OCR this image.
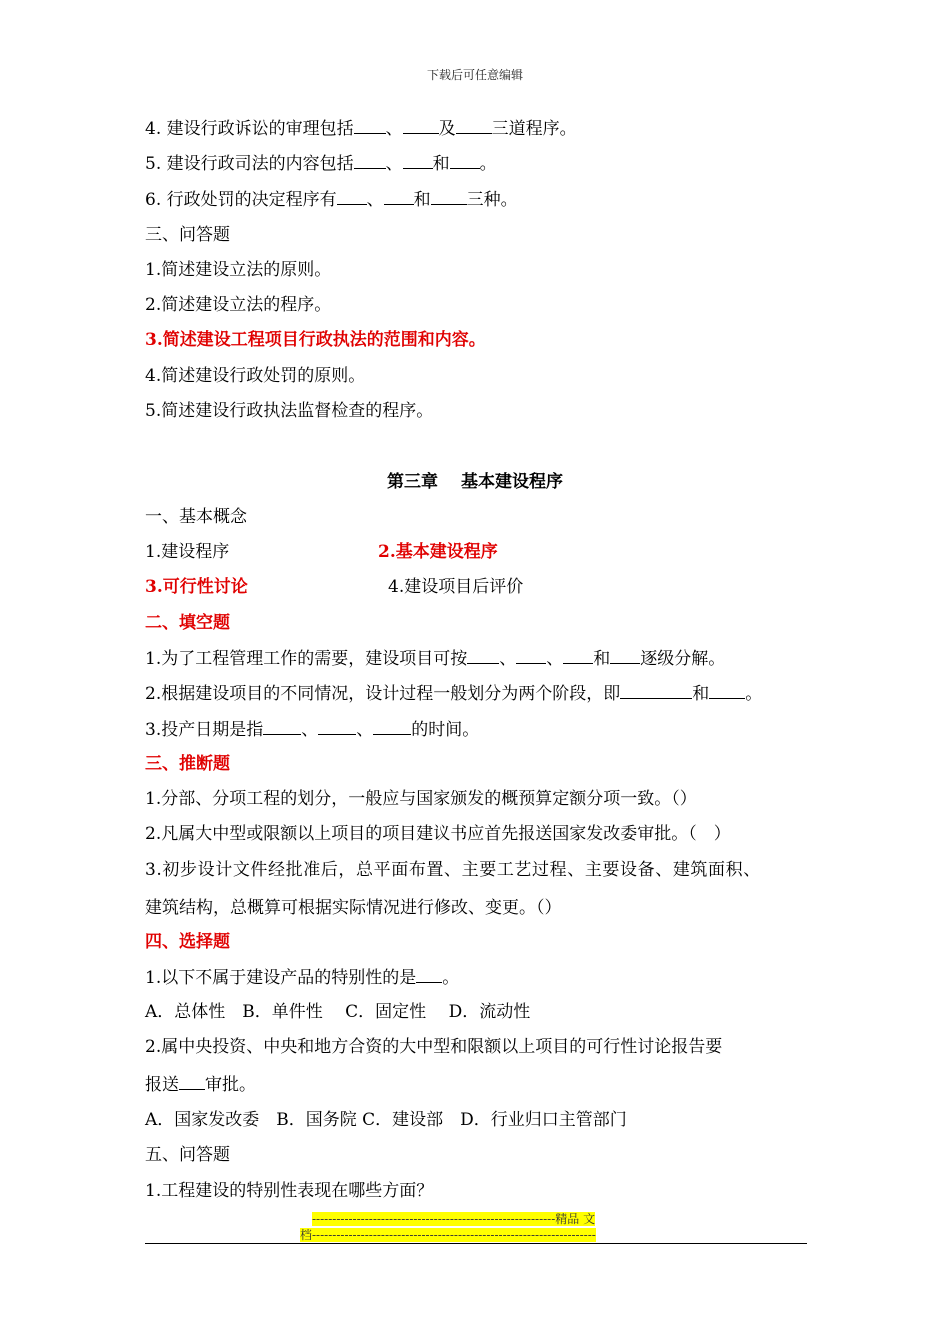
下载后可任意编辑
4. 建设行政诉讼的审理包括 、 及 三道程序。
5. 建设行政司法的内容包括 、 和 。
6. 行政处罚的决定程序有 、 和 三种。
三、问答题
1.简述建设立法的原则。
2.简述建设立法的程序。
3.简述建设工程项目行政执法的范围和内容。
4.简述建设行政处罚的原则。
5.简述建设行政执法监督检查的程序。
第三章　 基本建设程序
一、基本概念
1.建设程序	2.基本建设程序
3.可行性讨论	4.建设项目后评价
二、填空题
1.为了工程管理工作的需要，建设项目可按 、 、 和 逐级分解。
2.根据建设项目的不同情况，设计过程一般划分为两个阶段，即	和 。
3.投产日期是指 、 、 的时间。
三、推断题
1.分部、分项工程的划分，一般应与国家颁发的概预算定额分项一致。（）
2.凡属大中型或限额以上项目的项目建议书应首先报送国家发改委审批。（　）
3.初步设计文件经批准后，总平面布置、主要工艺过程、主要设备、建筑面积、
建筑结构，总概算可根据实际情况进行修改、变更。（）
四、选择题
1.以下不属于建设产品的特别性的是 。
A．总体性　B．单件性　 C．固定性　 D．流动性
2.属中央投资、中央和地方合资的大中型和限额以上项目的可行性讨论报告要
报送 审批。
A．国家发改委　B．国务院 C．建设部　D．行业归口主管部门
五、问答题
1.工程建设的特别性表现在哪些方面？
------------------------------------------------------------精品 文
档----------------------------------------------------------------------
